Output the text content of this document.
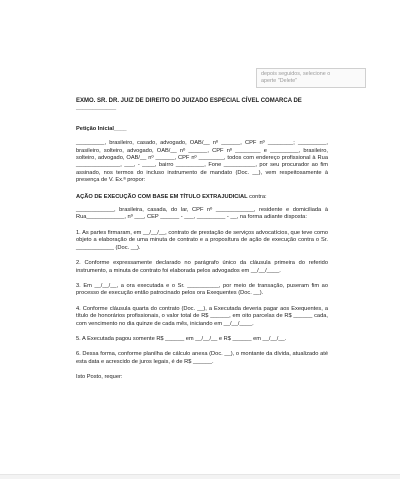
depois seguidos, selecione o
aperte "Delete"

EXMO. SR. DR. JUIZ DE DIREITO DO JUIZADO ESPECIAL CÍVEL COMARCA DE ____________

Petição Inicial____

_________, brasileiro, casado, advogado, OAB/__ nº ______, CPF nº ________; _________, brasileiro, solteiro, advogado, OAB/__ nº ______, CPF nº ________ e _________, brasileiro, solteiro, advogado, OAB/__ nº ______, CPF nº ________, todos com endereço profissional à Rua ______________, ___, - ____, bairro _________, Fone __________, por seu procurador ao fim assinado, nos termos do incluso instrumento de mandato (Doc. __), vem respeitosamente à presença de V. Ex.ª propor:

AÇÃO DE EXECUÇÃO COM BASE EM TÍTULO EXTRAJUDICIAL contra:

____________, brasileira, casada, do lar, CPF nº ____________, residente e domiciliada à Rua____________, nº ___, CEP ______ - ___, _________ - __, na forma adiante disposta:

1. As partes firmaram, em __/__/__, contrato de prestação de serviços advocatícios, que teve como objeto a elaboração de uma minuta de contrato e a proposítura de ação de execução contra o Sr. ____________ (Doc. __).

2. Conforme expressamente declarado no parágrafo único da cláusula primeira do referido instrumento, a minuta de contrato foi elaborada pelos advogados em __/__/____.

3. Em __/__/__, a ora executada e o Sr. __________, por meio de transação, puseram fim ao processo de execução então patrocinado pelos ora Exequentes (Doc. __).

4. Conforme cláusula quarta do contrato (Doc. __), a Executada deveria pagar aos Exequentes, a título de honorários profissionais, o valor total de R$ ______, em oito parcelas de R$ ______ cada, com vencimento no dia quinze de cada mês, iniciando em __/__/____.

5. A Executada pagou somente R$ ______ em __/__/__ e R$ ______ em __/__/__.

6. Dessa forma, conforme planilha de cálculo anexa (Doc. __), o montante da dívida, atualizado até esta data e acrescido de juros legais, é de R$ ______.

Isto Posto, requer:
